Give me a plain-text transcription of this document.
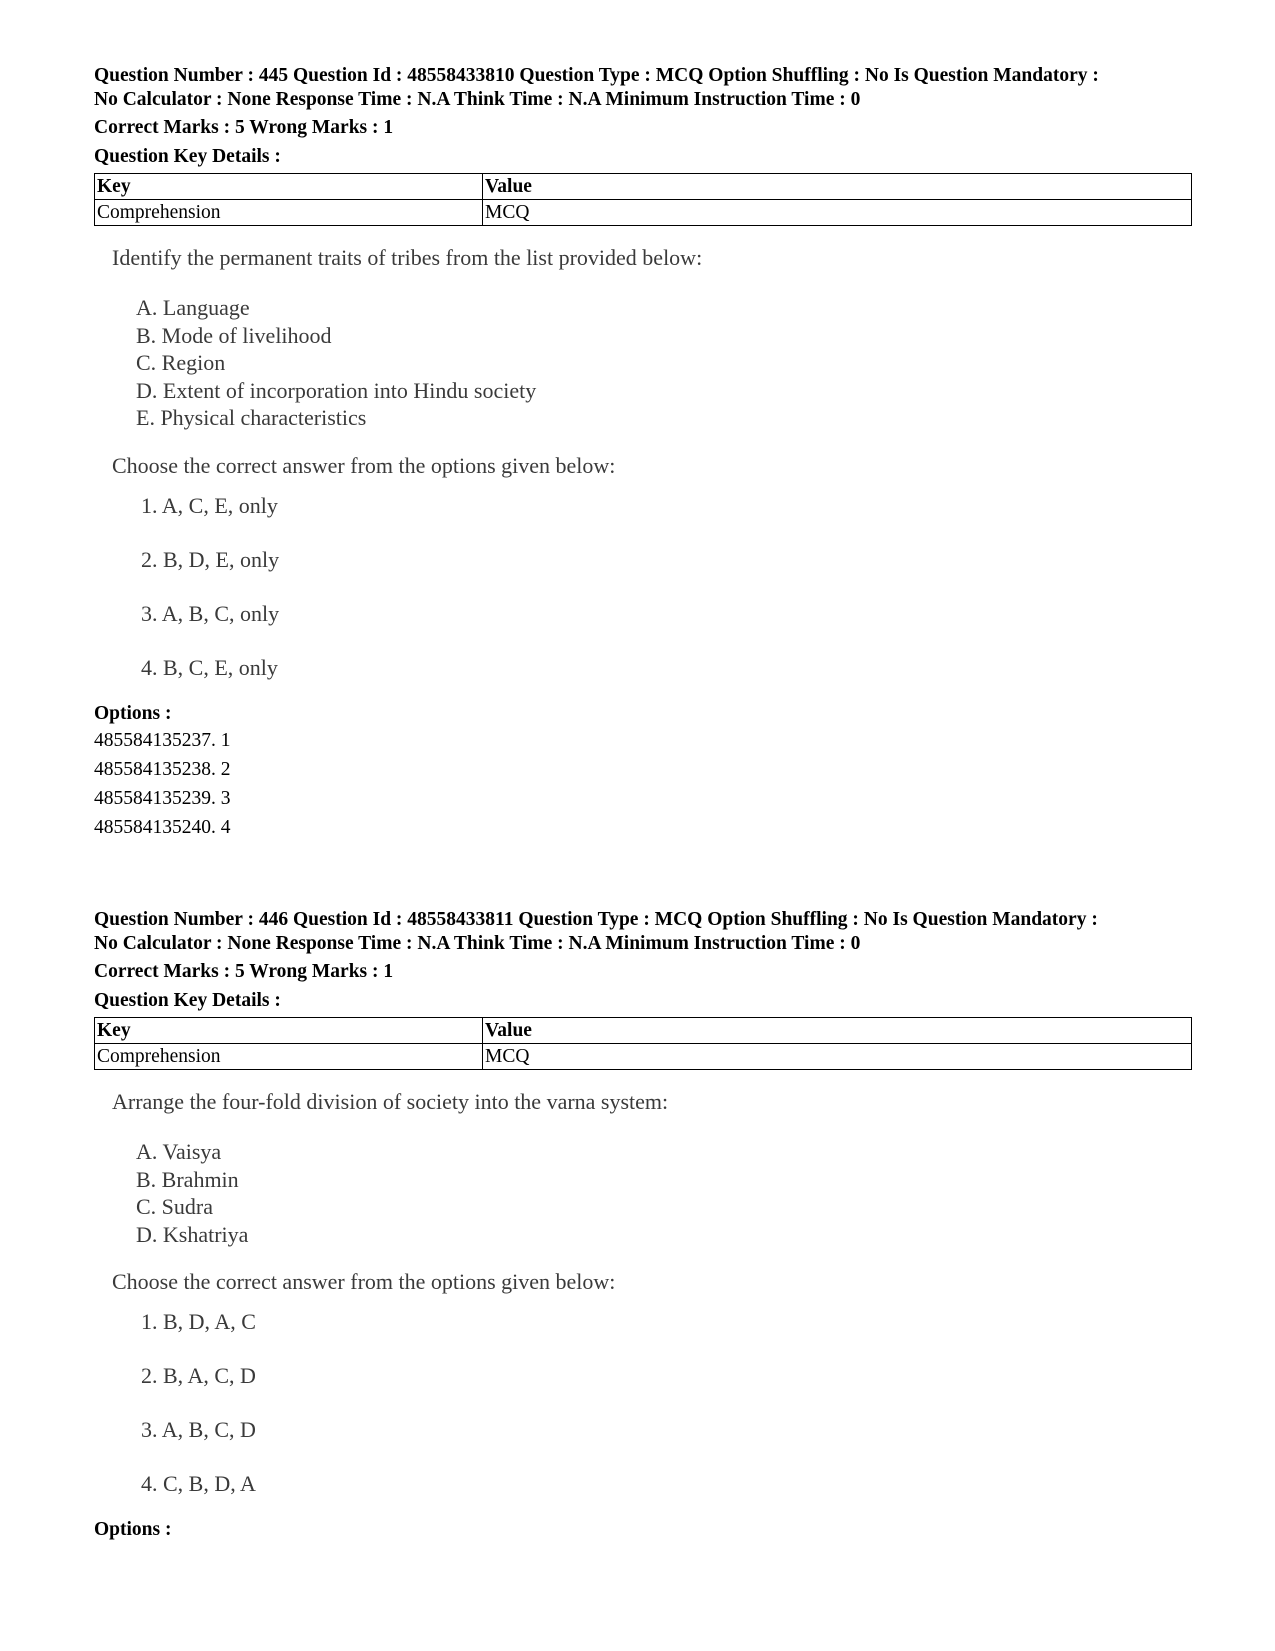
Question Number : 445 Question Id : 48558433810 Question Type : MCQ Option Shuffling : No Is Question Mandatory :
No Calculator : None Response Time : N.A Think Time : N.A Minimum Instruction Time : 0

Correct Marks : 5 Wrong Marks : 1
Question Key Details :
Key	Value
Comprehension	MCQ
Identify the permanent traits of tribes from the list provided below:
A. Language
B. Mode of livelihood
C. Region
D. Extent of incorporation into Hindu society
E. Physical characteristics
Choose the correct answer from the options given below:
1. A, C, E, only
2. B, D, E, only
3. A, B, C, only
4. B, C, E, only
Options :
485584135237. 1
485584135238. 2
485584135239. 3
485584135240. 4

Question Number : 446 Question Id : 48558433811 Question Type : MCQ Option Shuffling : No Is Question Mandatory :
No Calculator : None Response Time : N.A Think Time : N.A Minimum Instruction Time : 0

Correct Marks : 5 Wrong Marks : 1
Question Key Details :
Key	Value
Comprehension	MCQ
Arrange the four-fold division of society into the varna system:
A. Vaisya
B. Brahmin
C. Sudra
D. Kshatriya
Choose the correct answer from the options given below:
1. B, D, A, C
2. B, A, C, D
3. A, B, C, D
4. C, B, D, A
Options :
